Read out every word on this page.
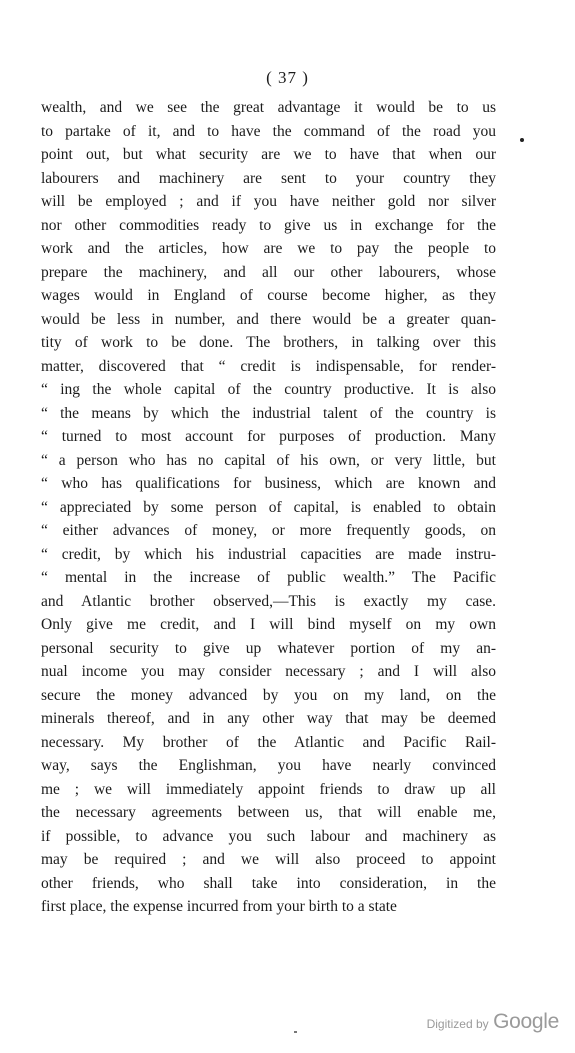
( 37 )
wealth, and we see the great advantage it would be to us
to partake of it, and to have the command of the road you
point out, but what security are we to have that when our
labourers and machinery are sent to your country they
will be employed ; and if you have neither gold nor silver
nor other commodities ready to give us in exchange for the
work and the articles, how are we to pay the people to
prepare the machinery, and all our other labourers, whose
wages would in England of course become higher, as they
would be less in number, and there would be a greater quan-
tity of work to be done. The brothers, in talking over this
matter, discovered that “ credit is indispensable, for render-
“ ing the whole capital of the country productive. It is also
“ the means by which the industrial talent of the country is
“ turned to most account for purposes of production. Many
“ a person who has no capital of his own, or very little, but
“ who has qualifications for business, which are known and
“ appreciated by some person of capital, is enabled to obtain
“ either advances of money, or more frequently goods, on
“ credit, by which his industrial capacities are made instru-
“ mental in the increase of public wealth.” The Pacific
and Atlantic brother observed,—This is exactly my case.
Only give me credit, and I will bind myself on my own
personal security to give up whatever portion of my an-
nual income you may consider necessary ; and I will also
secure the money advanced by you on my land, on the
minerals thereof, and in any other way that may be deemed
necessary. My brother of the Atlantic and Pacific Rail-
way, says the Englishman, you have nearly convinced
me ; we will immediately appoint friends to draw up all
the necessary agreements between us, that will enable me,
if possible, to advance you such labour and machinery as
may be required ; and we will also proceed to appoint
other friends, who shall take into consideration, in the
first place, the expense incurred from your birth to a state
Digitized by Google
